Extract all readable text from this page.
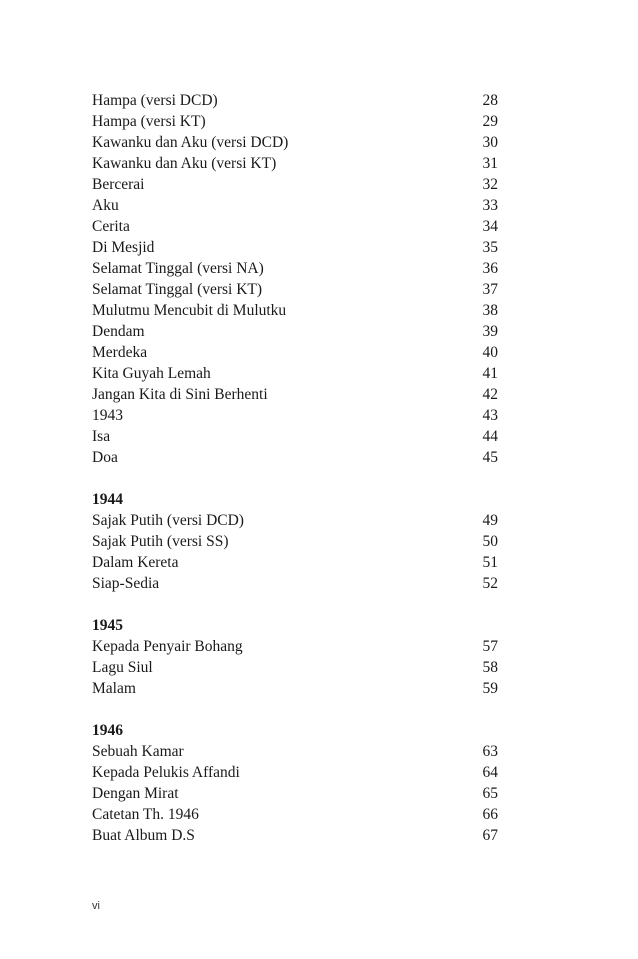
Hampa (versi DCD)	28
Hampa (versi KT)	29
Kawanku dan Aku (versi DCD)	30
Kawanku dan Aku (versi KT)	31
Bercerai	32
Aku	33
Cerita	34
Di Mesjid	35
Selamat Tinggal (versi NA)	36
Selamat Tinggal (versi KT)	37
Mulutmu Mencubit di Mulutku	38
Dendam	39
Merdeka	40
Kita Guyah Lemah	41
Jangan Kita di Sini Berhenti	42
1943	43
Isa	44
Doa	45
1944
Sajak Putih (versi DCD)	49
Sajak Putih (versi SS)	50
Dalam Kereta	51
Siap-Sedia	52
1945
Kepada Penyair Bohang	57
Lagu Siul	58
Malam	59
1946
Sebuah Kamar	63
Kepada Pelukis Affandi	64
Dengan Mirat	65
Catetan Th. 1946	66
Buat Album D.S	67
vi
